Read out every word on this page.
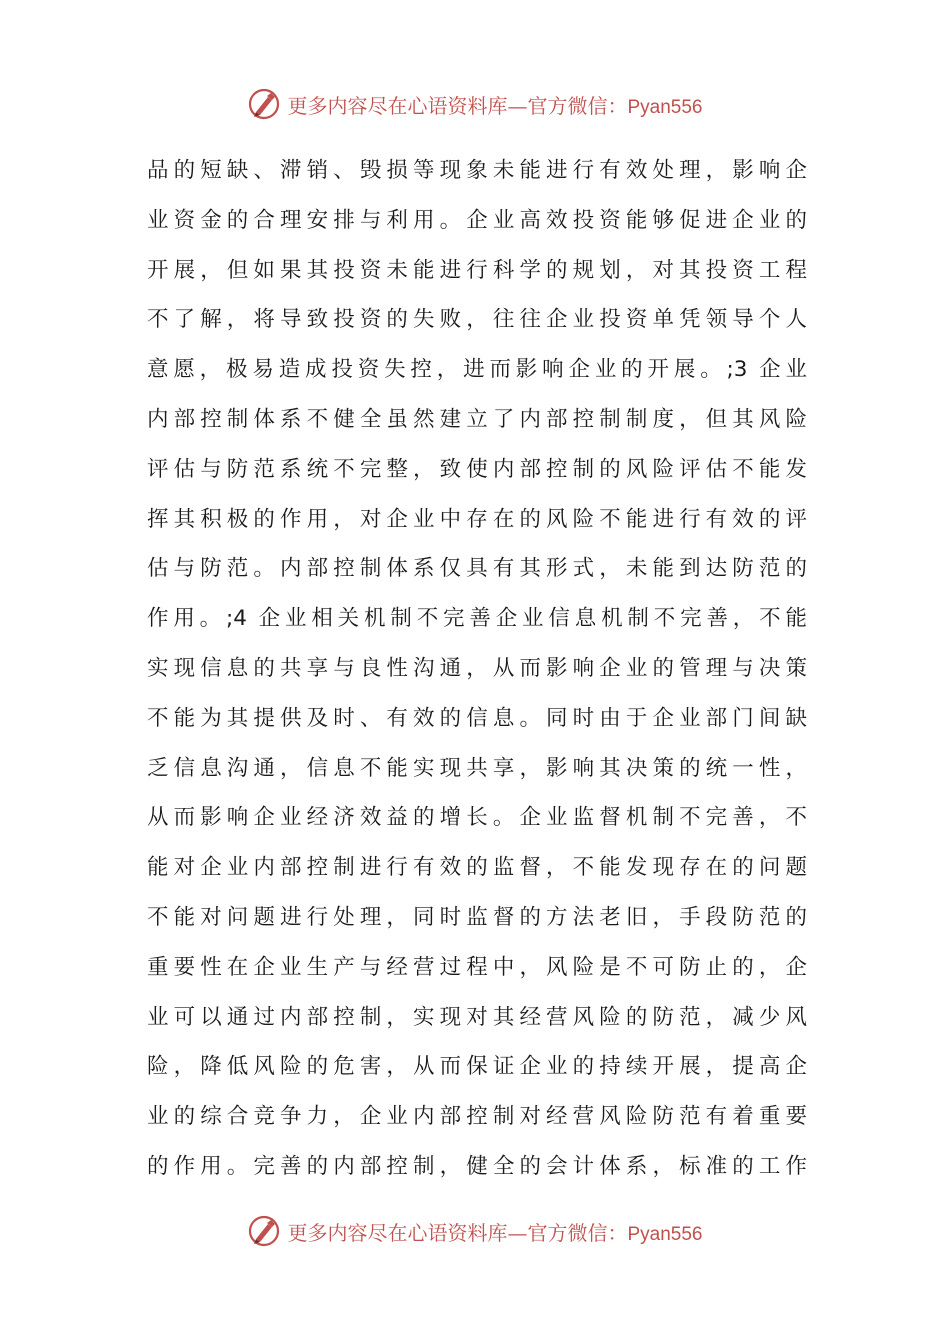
更多内容尽在心语资料库—官方微信：Pyan556
品的短缺、滞销、毁损等现象未能进行有效处理，影响企
业资金的合理安排与利用。企业高效投资能够促进企业的
开展，但如果其投资未能进行科学的规划，对其投资工程
不了解，将导致投资的失败，往往企业投资单凭领导个人
意愿，极易造成投资失控，进而影响企业的开展。;3 企业
内部控制体系不健全虽然建立了内部控制制度，但其风险
评估与防范系统不完整，致使内部控制的风险评估不能发
挥其积极的作用，对企业中存在的风险不能进行有效的评
估与防范。内部控制体系仅具有其形式，未能到达防范的
作用。;4 企业相关机制不完善企业信息机制不完善，不能
实现信息的共享与良性沟通，从而影响企业的管理与决策
不能为其提供及时、有效的信息。同时由于企业部门间缺
乏信息沟通，信息不能实现共享，影响其决策的统一性，
从而影响企业经济效益的增长。企业监督机制不完善，不
能对企业内部控制进行有效的监督，不能发现存在的问题
不能对问题进行处理，同时监督的方法老旧，手段防范的
重要性在企业生产与经营过程中，风险是不可防止的，企
业可以通过内部控制，实现对其经营风险的防范，减少风
险，降低风险的危害，从而保证企业的持续开展，提高企
业的综合竞争力，企业内部控制对经营风险防范有着重要
的作用。完善的内部控制，健全的会计体系，标准的工作
更多内容尽在心语资料库—官方微信：Pyan556
